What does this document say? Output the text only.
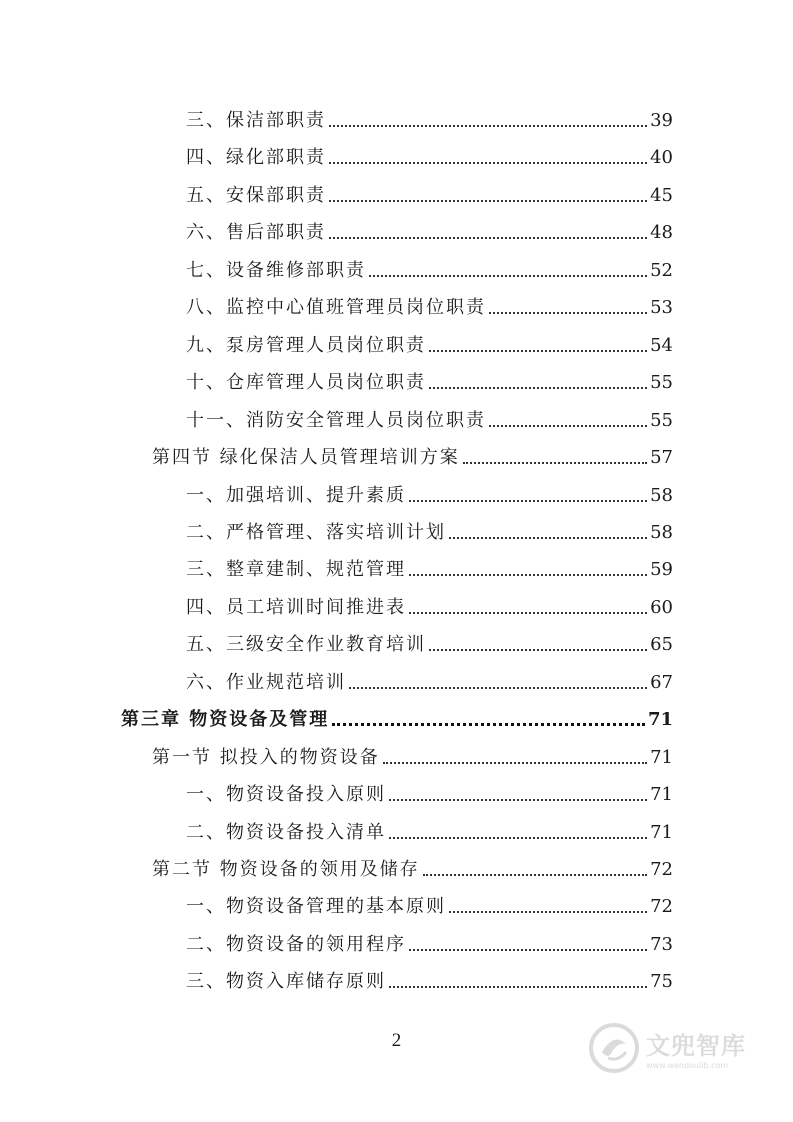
三、保洁部职责	39
四、绿化部职责	40
五、安保部职责	45
六、售后部职责	48
七、设备维修部职责	52
八、监控中心值班管理员岗位职责	53
九、泵房管理人员岗位职责	54
十、仓库管理人员岗位职责	55
十一、消防安全管理人员岗位职责	55
第四节 绿化保洁人员管理培训方案	57
一、加强培训、提升素质	58
二、严格管理、落实培训计划	58
三、整章建制、规范管理	59
四、员工培训时间推进表	60
五、三级安全作业教育培训	65
六、作业规范培训	67
第三章 物资设备及管理	71
第一节 拟投入的物资设备	71
一、物资设备投入原则	71
二、物资设备投入清单	71
第二节 物资设备的领用及储存	72
一、物资设备管理的基本原则	72
二、物资设备的领用程序	73
三、物资入库储存原则	75
2	文兜智库
www.wendoulib.com
